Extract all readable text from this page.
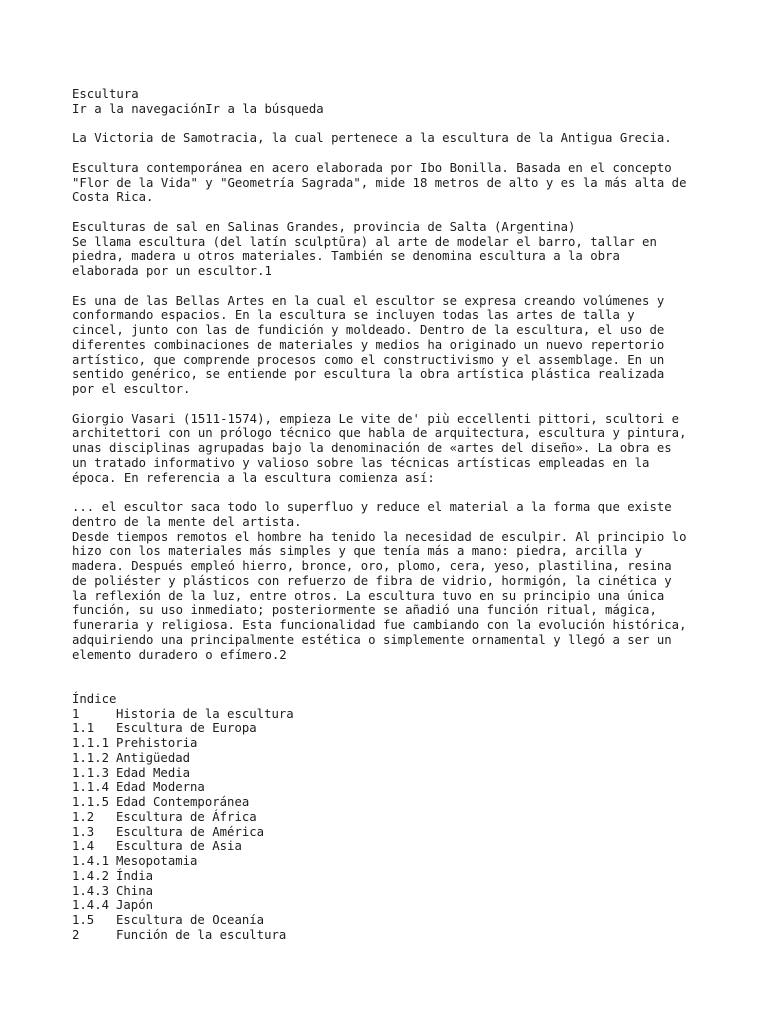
Escultura
Ir a la navegaciónIr a la búsqueda
La Victoria de Samotracia, la cual pertenece a la escultura de la Antigua Grecia.
Escultura contemporánea en acero elaborada por Ibo Bonilla. Basada en el concepto
"Flor de la Vida" y "Geometría Sagrada", mide 18 metros de alto y es la más alta de
Costa Rica.
Esculturas de sal en Salinas Grandes, provincia de Salta (Argentina)
Se llama escultura (del latín sculptūra) al arte de modelar el barro, tallar en
piedra, madera u otros materiales. También se denomina escultura a la obra
elaborada por un escultor.1
Es una de las Bellas Artes en la cual el escultor se expresa creando volúmenes y
conformando espacios. En la escultura se incluyen todas las artes de talla y
cincel, junto con las de fundición y moldeado. Dentro de la escultura, el uso de
diferentes combinaciones de materiales y medios ha originado un nuevo repertorio
artístico, que comprende procesos como el constructivismo y el assemblage. En un
sentido genérico, se entiende por escultura la obra artística plástica realizada
por el escultor.
Giorgio Vasari (1511-1574), empieza Le vite de' più eccellenti pittori, scultori e
architettori con un prólogo técnico que habla de arquitectura, escultura y pintura,
unas disciplinas agrupadas bajo la denominación de «artes del diseño». La obra es
un tratado informativo y valioso sobre las técnicas artísticas empleadas en la
época. En referencia a la escultura comienza así:
... el escultor saca todo lo superfluo y reduce el material a la forma que existe
dentro de la mente del artista.
Desde tiempos remotos el hombre ha tenido la necesidad de esculpir. Al principio lo
hizo con los materiales más simples y que tenía más a mano: piedra, arcilla y
madera. Después empleó hierro, bronce, oro, plomo, cera, yeso, plastilina, resina
de poliéster y plásticos con refuerzo de fibra de vidrio, hormigón, la cinética y
la reflexión de la luz, entre otros. La escultura tuvo en su principio una única
función, su uso inmediato; posteriormente se añadió una función ritual, mágica,
funeraria y religiosa. Esta funcionalidad fue cambiando con la evolución histórica,
adquiriendo una principalmente estética o simplemente ornamental y llegó a ser un
elemento duradero o efímero.2
Índice
1	Historia de la escultura
1.1 Escultura de Europa
1.1.1 Prehistoria
1.1.2 Antigüedad
1.1.3 Edad Media
1.1.4 Edad Moderna
1.1.5 Edad Contemporánea
1.2 Escultura de África
1.3 Escultura de América
1.4 Escultura de Asia
1.4.1 Mesopotamia
1.4.2 Índia
1.4.3 China
1.4.4 Japón
1.5 Escultura de Oceanía
2	Función de la escultura
